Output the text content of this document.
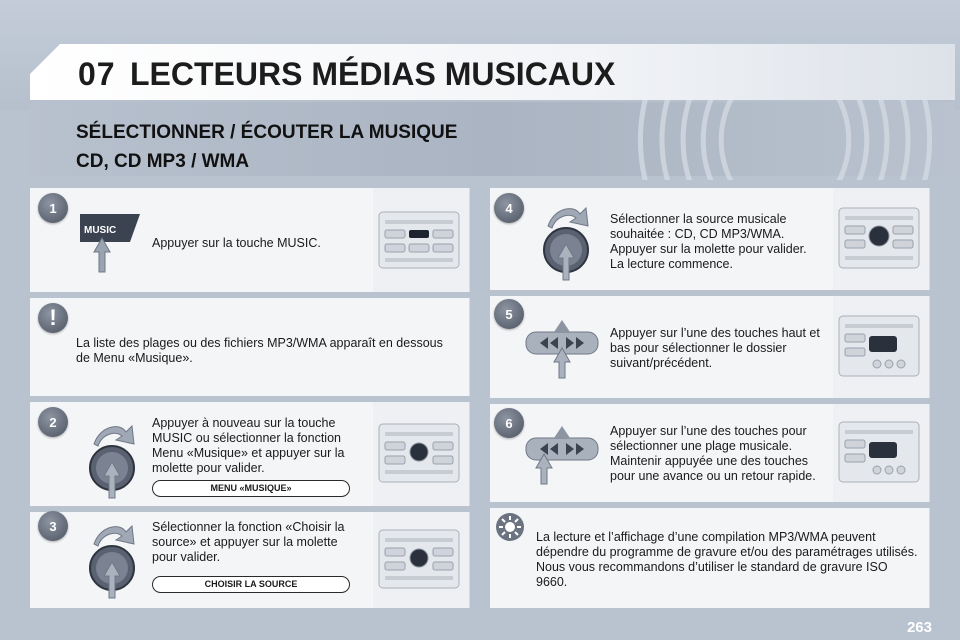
07 LECTEURS MÉDIAS MUSICAUX
SÉLECTIONNER / ÉCOUTER LA MUSIQUE
CD, CD MP3 / WMA
1
MUSIC
Appuyer sur la touche MUSIC.
!
La liste des plages ou des fichiers MP3/WMA apparaît en dessous de Menu «Musique».
2	Appuyer à nouveau sur la touche MUSIC ou sélectionner la fonction Menu «Musique» et appuyer sur la molette pour valider.
MENU «MUSIQUE»
3	Sélectionner la fonction «Choisir la source» et appuyer sur la molette pour valider.
CHOISIR LA SOURCE
4
Sélectionner la source musicale souhaitée : CD, CD MP3/WMA. Appuyer sur la molette pour valider. La lecture commence.
5
Appuyer sur l’une des touches haut et bas pour sélectionner le dossier suivant/précédent.
6
Appuyer sur l’une des touches pour sélectionner une plage musicale. Maintenir appuyée une des touches pour une avance ou un retour rapide.
La lecture et l’affichage d’une compilation MP3/WMA peuvent dépendre du programme de gravure et/ou des paramétrages utilisés. Nous vous recommandons d’utiliser le standard de gravure ISO 9660.
263
